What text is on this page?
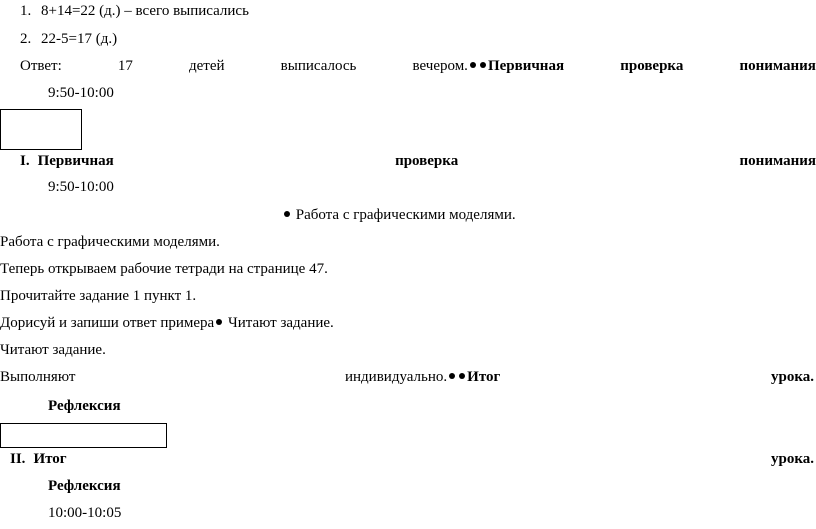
1. 8+14=22 (д.) – всего выписались
2. 22-5=17 (д.)
Ответ:	17	детей	выписалось	вечером. Первичная	проверка	понимания
9:50-10:00
I. Первичная	проверка	понимания
9:50-10:00
Работа с графическими моделями.
Работа с графическими моделями.
Теперь открываем рабочие тетради на странице 47.
Прочитайте задание 1 пункт 1.
Дорисуй и запиши ответ примера Читают задание.
Читают задание.
Выполняют	индивидуально. Итог	урока.
Рефлексия
II. Итог	урока.
Рефлексия
10:00-10:05
